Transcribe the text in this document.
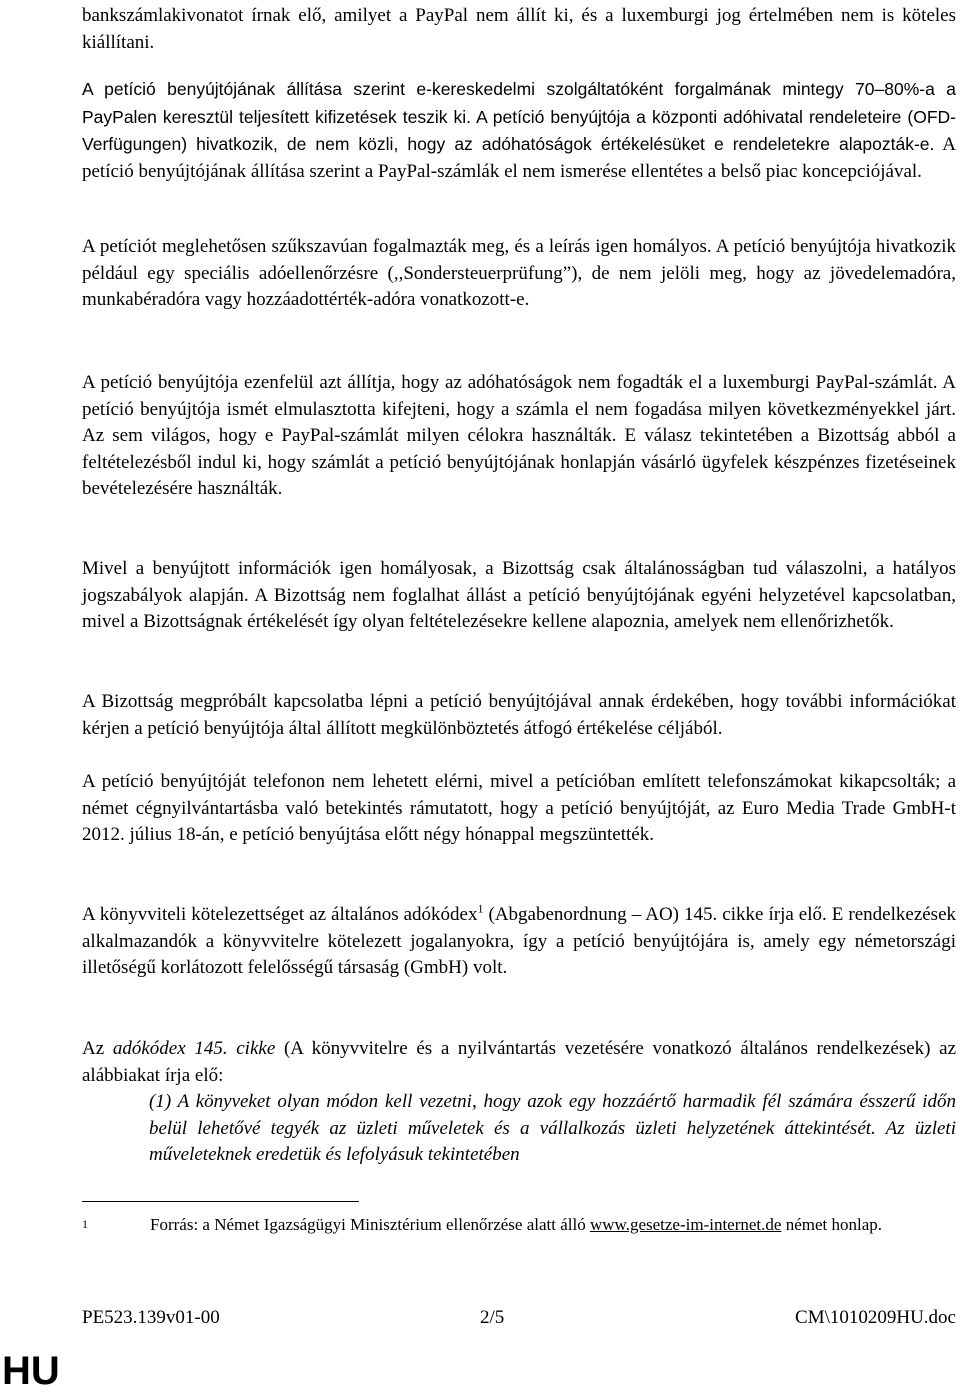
bankszámlakivonatot írnak elő, amilyet a PayPal nem állít ki, és a luxemburgi jog értelmében nem is köteles kiállítani.

A petíció benyújtójának állítása szerint e-kereskedelmi szolgáltatóként forgalmának mintegy 70–80%-a a PayPalen keresztül teljesített kifizetések teszik ki. A petíció benyújtója a központi adóhivatal rendeleteire (OFD-Verfügungen) hivatkozik, de nem közli, hogy az adóhatóságok értékelésüket e rendeletekre alapozták-e. A petíció benyújtójának állítása szerint a PayPal-számlák el nem ismerése ellentétes a belső piac koncepciójával.

A petíciót meglehetősen szűkszavúan fogalmazták meg, és a leírás igen homályos. A petíció benyújtója hivatkozik például egy speciális adóellenőrzésre (,,Sondersteuerprüfung”), de nem jelöli meg, hogy az jövedelemadóra, munkabéradóra vagy hozzáadottérték-adóra vonatkozott-e.

A petíció benyújtója ezenfelül azt állítja, hogy az adóhatóságok nem fogadták el a luxemburgi PayPal-számlát. A petíció benyújtója ismét elmulasztotta kifejteni, hogy a számla el nem fogadása milyen következményekkel járt. Az sem világos, hogy e PayPal-számlát milyen célokra használták. E válasz tekintetében a Bizottság abból a feltételezésből indul ki, hogy számlát a petíció benyújtójának honlapján vásárló ügyfelek készpénzes fizetéseinek bevételezésére használták.

Mivel a benyújtott információk igen homályosak, a Bizottság csak általánosságban tud válaszolni, a hatályos jogszabályok alapján. A Bizottság nem foglalhat állást a petíció benyújtójának egyéni helyzetével kapcsolatban, mivel a Bizottságnak értékelését így olyan feltételezésekre kellene alapoznia, amelyek nem ellenőrizhetők.

A Bizottság megpróbált kapcsolatba lépni a petíció benyújtójával annak érdekében, hogy további információkat kérjen a petíció benyújtója által állított megkülönböztetés átfogó értékelése céljából.

A petíció benyújtóját telefonon nem lehetett elérni, mivel a petícióban említett telefonszámokat kikapcsolták; a német cégnyilvántartásba való betekintés rámutatott, hogy a petíció benyújtóját, az Euro Media Trade GmbH-t 2012. július 18-án, e petíció benyújtása előtt négy hónappal megszüntették.

A könyvviteli kötelezettséget az általános adókódex$^1$ (Abgabenordnung – AO) 145. cikke írja elő. E rendelkezések alkalmazandók a könyvvitelre kötelezett jogalanyokra, így a petíció benyújtójára is, amely egy németországi illetőségű korlátozott felelősségű társaság (GmbH) volt.

Az adókódex 145. cikke (A könyvvitelre és a nyilvántartás vezetésére vonatkozó általános rendelkezések) az alábbiakat írja elő:

(1) A könyveket olyan módon kell vezetni, hogy azok egy hozzáértő harmadik fél számára ésszerű időn belül lehetővé tegyék az üzleti műveletek és a vállalkozás üzleti helyzetének áttekintését. Az üzleti műveleteknek eredetük és lefolyásuk tekintetében

1	Forrás: a Német Igazságügyi Minisztérium ellenőrzése alatt álló www.gesetze-im-internet.de német honlap.
PE523.139v01-00	2/5	CM\1010209HU.doc
HU
